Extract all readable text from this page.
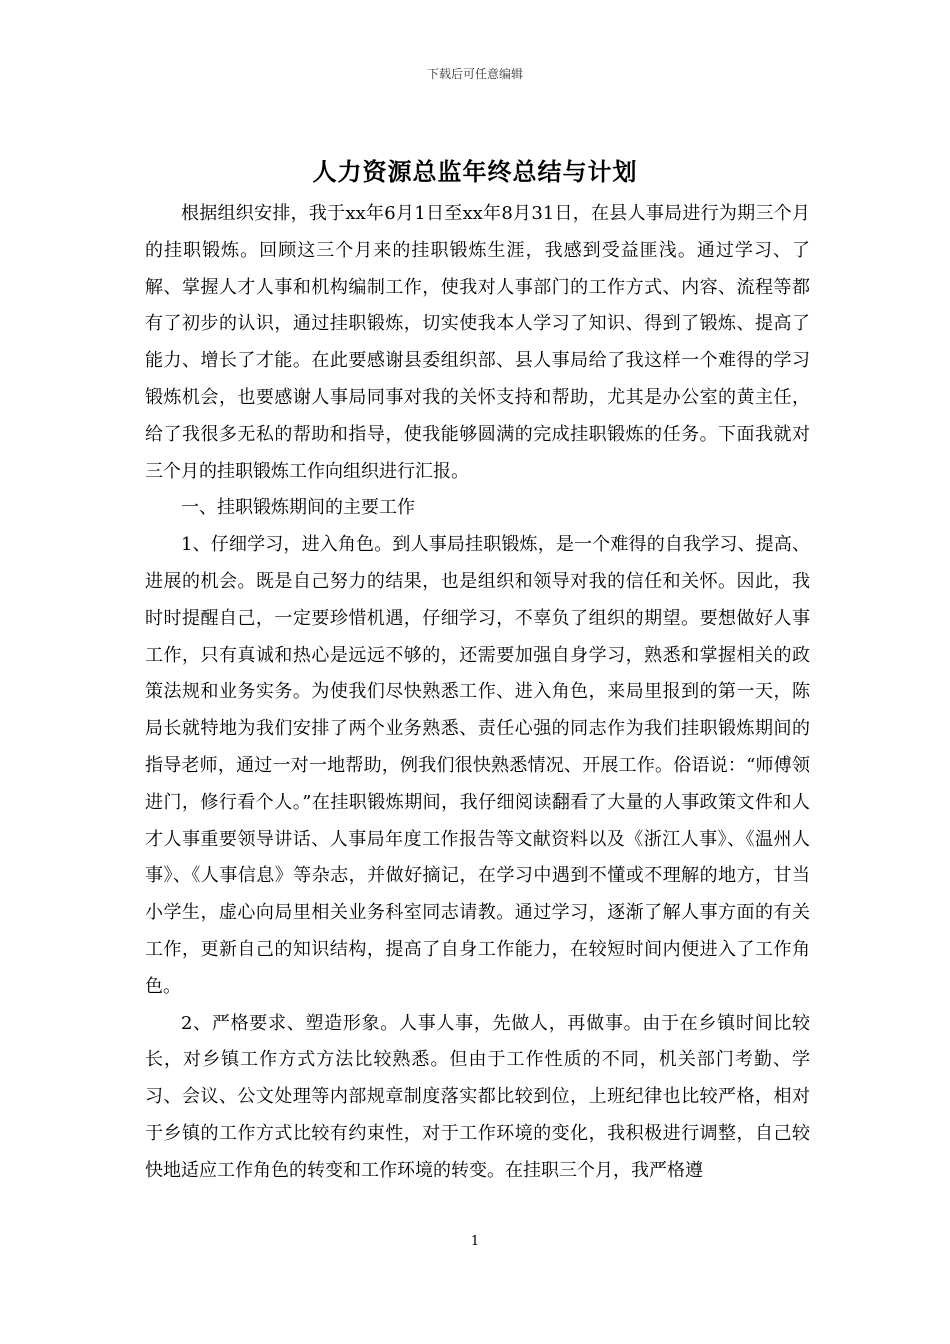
下载后可任意编辑
人力资源总监年终总结与计划

根据组织安排，我于xx年6月1日至xx年8月31日，在县人事局进行为期三个月的挂职锻炼。回顾这三个月来的挂职锻炼生涯，我感到受益匪浅。通过学习、了解、掌握人才人事和机构编制工作，使我对人事部门的工作方式、内容、流程等都有了初步的认识，通过挂职锻炼，切实使我本人学习了知识、得到了锻炼、提高了能力、增长了才能。在此要感谢县委组织部、县人事局给了我这样一个难得的学习锻炼机会，也要感谢人事局同事对我的关怀支持和帮助，尤其是办公室的黄主任，给了我很多无私的帮助和指导，使我能够圆满的完成挂职锻炼的任务。下面我就对三个月的挂职锻炼工作向组织进行汇报。

一、挂职锻炼期间的主要工作

1、仔细学习，进入角色。到人事局挂职锻炼，是一个难得的自我学习、提高、进展的机会。既是自己努力的结果，也是组织和领导对我的信任和关怀。因此，我时时提醒自己，一定要珍惜机遇，仔细学习，不辜负了组织的期望。要想做好人事工作，只有真诚和热心是远远不够的，还需要加强自身学习，熟悉和掌握相关的政策法规和业务实务。为使我们尽快熟悉工作、进入角色，来局里报到的第一天，陈局长就特地为我们安排了两个业务熟悉、责任心强的同志作为我们挂职锻炼期间的指导老师，通过一对一地帮助，例我们很快熟悉情况、开展工作。俗语说：“师傅领进门，修行看个人。”在挂职锻炼期间，我仔细阅读翻看了大量的人事政策文件和人才人事重要领导讲话、人事局年度工作报告等文献资料以及《浙江人事》、《温州人事》、《人事信息》等杂志，并做好摘记，在学习中遇到不懂或不理解的地方，甘当小学生，虚心向局里相关业务科室同志请教。通过学习，逐渐了解人事方面的有关工作，更新自己的知识结构，提高了自身工作能力，在较短时间内便进入了工作角色。

2、严格要求、塑造形象。人事人事，先做人，再做事。由于在乡镇时间比较长，对乡镇工作方式方法比较熟悉。但由于工作性质的不同，机关部门考勤、学习、会议、公文处理等内部规章制度落实都比较到位，上班纪律也比较严格，相对于乡镇的工作方式比较有约束性，对于工作环境的变化，我积极进行调整，自己较快地适应工作角色的转变和工作环境的转变。在挂职三个月，我严格遵

1
